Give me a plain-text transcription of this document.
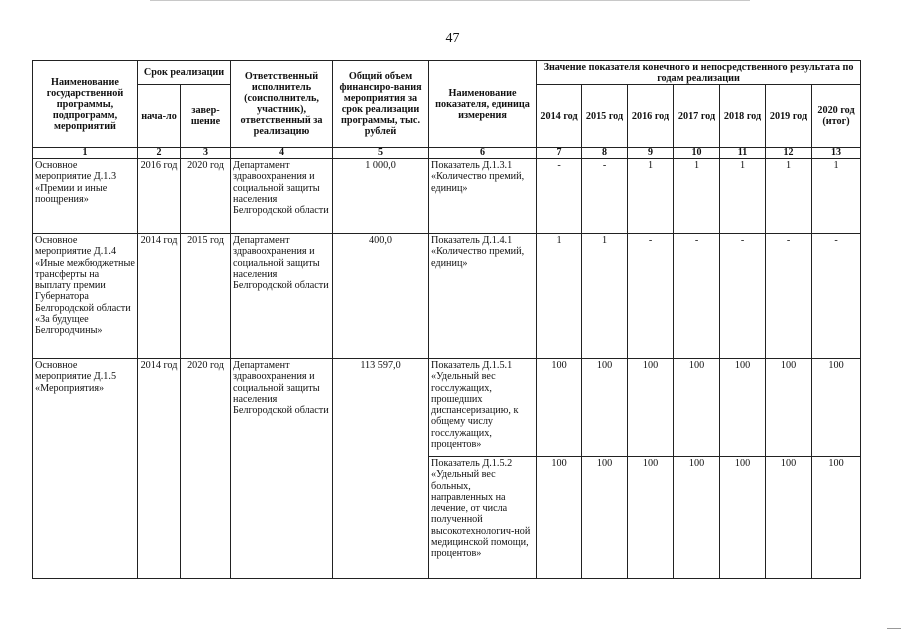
47
Наименование государственной программы, подпрограмм, мероприятий	Срок реализации		Ответственный исполнитель (соисполнитель, участник), ответственный за реализацию	Общий объем финансиро-вания мероприятия за срок реализации программы, тыс. рублей	Наименование показателя, единица измерения	Значение показателя конечного и непосредственного результата по годам реализации						
	нача-ло	завер-шение				2014 год	2015 год	2016 год	2017 год	2018 год	2019 год	2020 год (итог)
1	2	3	4	5	6	7	8	9	10	11	12	13
Основное мероприятие Д.1.3 «Премии и иные поощрения»	2016 год	2020 год	Департамент здравоохранения и социальной защиты населения Белгородской области	1 000,0	Показатель Д.1.3.1 «Количество премий, единиц»	-	-	1	1	1	1	1
Основное мероприятие Д.1.4 «Иные межбюджетные трансферты на выплату премии Губернатора Белгородской области «За будущее Белгородчины»	2014 год	2015 год	Департамент здравоохранения и социальной защиты населения Белгородской области	400,0	Показатель Д.1.4.1 «Количество премий, единиц»	1	1	-	-	-	-	-
Основное мероприятие Д.1.5 «Мероприятия»	2014 год	2020 год	Департамент здравоохранения и социальной защиты населения Белгородской области	113 597,0	Показатель Д.1.5.1 «Удельный вес госслужащих, прошедших диспансеризацию, к общему числу госслужащих, процентов»	100	100	100	100	100	100	100
					Показатель Д.1.5.2 «Удельный вес больных, направленных на лечение, от числа полученной высокотехнологич-ной медицинской помощи, процентов»	100	100	100	100	100	100	100
